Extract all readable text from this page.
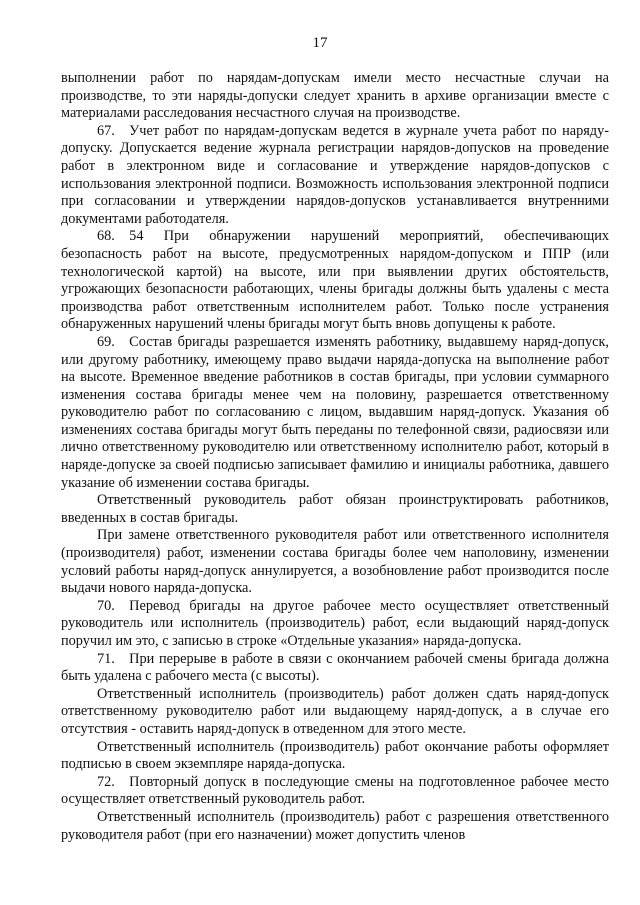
17

выполнении работ по нарядам-допускам имели место несчастные случаи на производстве, то эти наряды-допуски следует хранить в архиве организации вместе с материалами расследования несчастного случая на производстве.

67. Учет работ по нарядам-допускам ведется в журнале учета работ по наряду-допуску. Допускается ведение журнала регистрации нарядов-допусков на проведение работ в электронном виде и согласование и утверждение нарядов-допусков с использования электронной подписи. Возможность использования электронной подписи при согласовании и утверждении нарядов-допусков устанавливается внутренними документами работодателя.

68. 54 При обнаружении нарушений мероприятий, обеспечивающих безопасность работ на высоте, предусмотренных нарядом-допуском и ППР (или технологической картой) на высоте, или при выявлении других обстоятельств, угрожающих безопасности работающих, члены бригады должны быть удалены с места производства работ ответственным исполнителем работ. Только после устранения обнаруженных нарушений члены бригады могут быть вновь допущены к работе.

69. Состав бригады разрешается изменять работнику, выдавшему наряд-допуск, или другому работнику, имеющему право выдачи наряда-допуска на выполнение работ на высоте. Временное введение работников в состав бригады, при условии суммарного изменения состава бригады менее чем на половину, разрешается ответственному руководителю работ по согласованию с лицом, выдавшим наряд-допуск. Указания об изменениях состава бригады могут быть переданы по телефонной связи, радиосвязи или лично ответственному руководителю или ответственному исполнителю работ, который в наряде-допуске за своей подписью записывает фамилию и инициалы работника, давшего указание об изменении состава бригады.

Ответственный руководитель работ обязан проинструктировать работников, введенных в состав бригады.

При замене ответственного руководителя работ или ответственного исполнителя (производителя) работ, изменении состава бригады более чем наполовину, изменении условий работы наряд-допуск аннулируется, а возобновление работ производится после выдачи нового наряда-допуска.

70. Перевод бригады на другое рабочее место осуществляет ответственный руководитель или исполнитель (производитель) работ, если выдающий наряд-допуск поручил им это, с записью в строке «Отдельные указания» наряда-допуска.

71. При перерыве в работе в связи с окончанием рабочей смены бригада должна быть удалена с рабочего места (с высоты).

Ответственный исполнитель (производитель) работ должен сдать наряд-допуск ответственному руководителю работ или выдающему наряд-допуск, а в случае его отсутствия - оставить наряд-допуск в отведенном для этого месте.

Ответственный исполнитель (производитель) работ окончание работы оформляет подписью в своем экземпляре наряда-допуска.

72. Повторный допуск в последующие смены на подготовленное рабочее место осуществляет ответственный руководитель работ.

Ответственный исполнитель (производитель) работ с разрешения ответственного руководителя работ (при его назначении) может допустить членов
